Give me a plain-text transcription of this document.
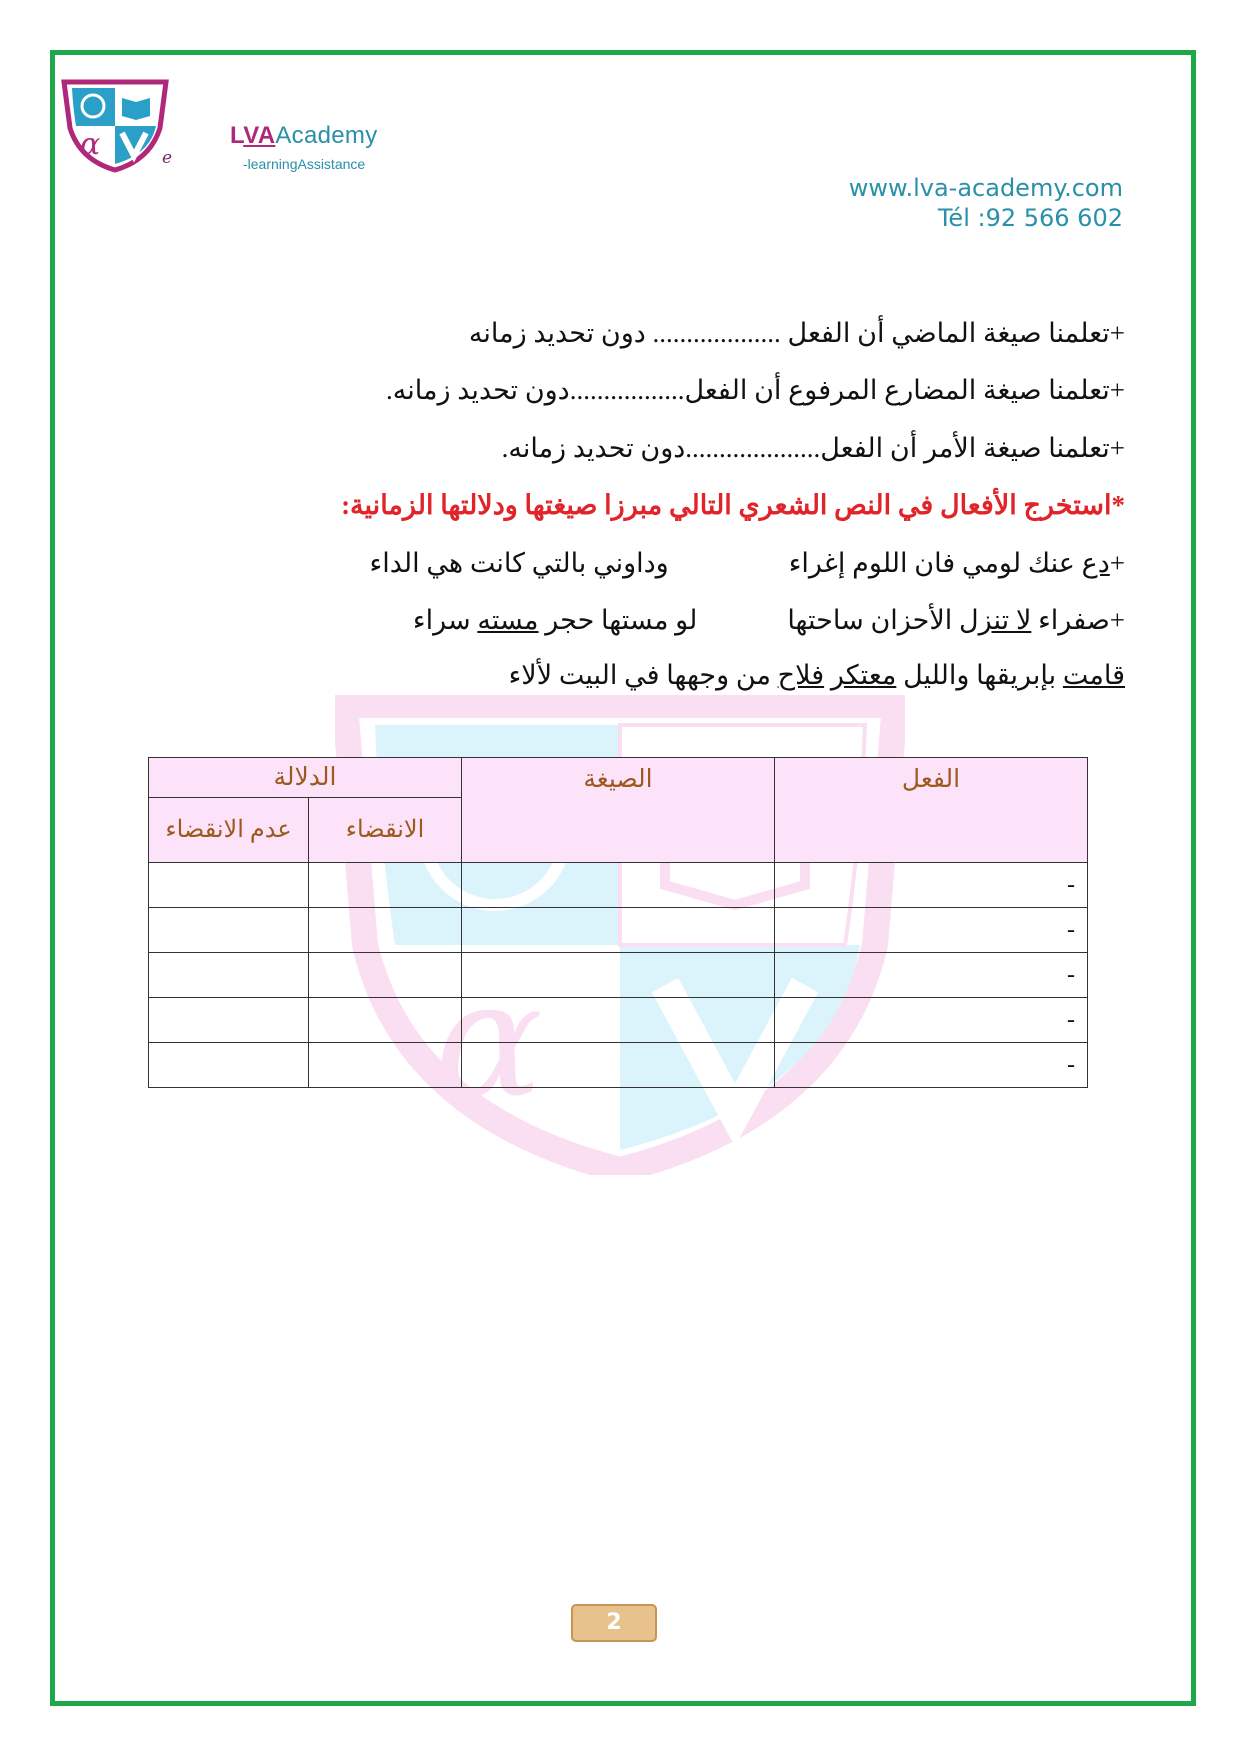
α
α	e
LVAAcademy
-learningAssistance
www.lva-academy.com
Tél :92 566 602
+تعلمنا صيغة الماضي أن الفعل ................... دون تحديد زمانه
+تعلمنا صيغة المضارع المرفوع أن الفعل.................دون تحديد زمانه.
+تعلمنا صيغة الأمر أن الفعل....................دون تحديد زمانه.
*استخرج الأفعال في النص الشعري التالي مبرزا صيغتها ودلالتها الزمانية:
+دع عنك لومي فان اللوم إغراءوداوني بالتي كانت هي الداء
+صفراء لا تنزل الأحزان ساحتهالو مستها حجر مسته سراء
قامت بإبريقها والليل معتكر فلاح من وجهها في البيت لألاء
الفعل	الصيغة	الدلالة	
		الانقضاء	عدم الانقضاء
-			
-			
-			
-			
-			
2
